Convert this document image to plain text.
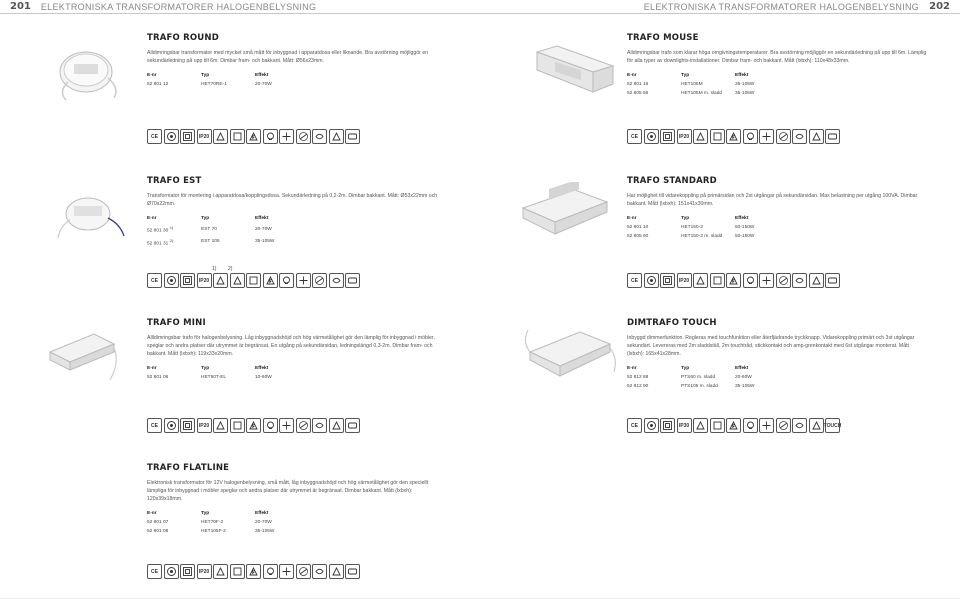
201 ELEKTRONISKA TRANSFORMATORER HALOGENBELYSNING	ELEKTRONISKA TRANSFORMATORER HALOGENBELYSNING 202
TRAFO ROUND
Alldimringsbar transformator med mycket små mått för inbyggnad i apparatdosa eller liknande. Bra avstörning möjliggör en sekundärledning på upp till 6m. Dimbar fram- och bakkant. Mått: Ø56x23mm.
E-nr	Typ	Effekt
52 801 12	HET70RE-1	20-70W
CE	IP20	F
TRAFO MOUSE
Alldimringsbar trafo som klarar höga omgivningstemperaturer. Bra avstörning möjliggör en sekundärledning på upp till 6m. Lämplig för alla typer av downlights-installationer. Dimbar fram- och bakkant. Mått (lxbxh): 110x48x33mm.
E-nr	Typ	Effekt
52 801 16	HET105M	35-105W
52 805 56	HET105M m. sladd	35-105W
CE	IP20	F
TRAFO EST
Transformator för montering i apparatdosa/kopplingsdosa. Sekundärledning på 0,2-2m. Dimbar bakkant. Mått: Ø53x22mm och Ø70x22mm.
E-nr	Typ	Effekt
52 801 30 $^{1)}$	EST 70	20-70W
52 801 31 $^{2)}$	EST 105	35-105W
1) 2)
CE	IP20	F
TRAFO STANDARD
Har möjlighet till vidarekoppling på primärsidan och 2st utgångar på sekundärsidan. Max belastning per utgång 100VA. Dimbar bakkant. Mått (lxbxh): 151x41x30mm.
E-nr	Typ	Effekt
52 801 10	HET150-2	50-150W
52 805 60	HET150-2 m. sladd	50-150W
CE	IP20	F
TRAFO MINI
Allldimringsbar trafo för halogenbelysning. Låg inbyggnadshöjd och hög värmetålighet gör den lämplig för inbyggnad i möbler, speglar och andra platser där utrymmet är begränsat. En utgång på sekundärsidan, ledningslängd 0,3-2m. Dimbar fram- och bakkant. Mått (lxbxh): 119x33x20mm.
E-nr	Typ	Effekt
52 801 06	HET60T-EL	10-60W
CE	IP20	F
DIMTRAFO TOUCH
Inbyggd dimmerfunktion. Regleras med touchfunktion eller återfjädrande tryckknapp. Vidarekoppling primärt och 3st utgångar sekundärt. Levereras med 2m sladdställ, 2m touchtråd, stickkontakt och amp-grenkontakt med 6st utgångar monterat. Mått (lxbxh): 165x41x28mm.
E-nr	Typ	Effekt
52 812 88	PTS60 m. sladd	20-60W
52 812 90	PTS105 m. sladd	35-105W
CE	IP30	F	TOUCH
TRAFO FLATLINE
Elektronisk transformator för 12V halogenbelysning, små mått, låg inbyggnadshöjd och hög värmetålighet gör den speciellt lämpliga för inbyggnad i möbler speglar och andra platser där utrymmet är begränsat. Dimbar bakkant. Mått (lxbxh): 120x39x18mm.
E-nr	Typ	Effekt
52 801 07	HET70F-2	20-70W
52 801 08	HET105F-2	35-105W
CE	IP20	F
